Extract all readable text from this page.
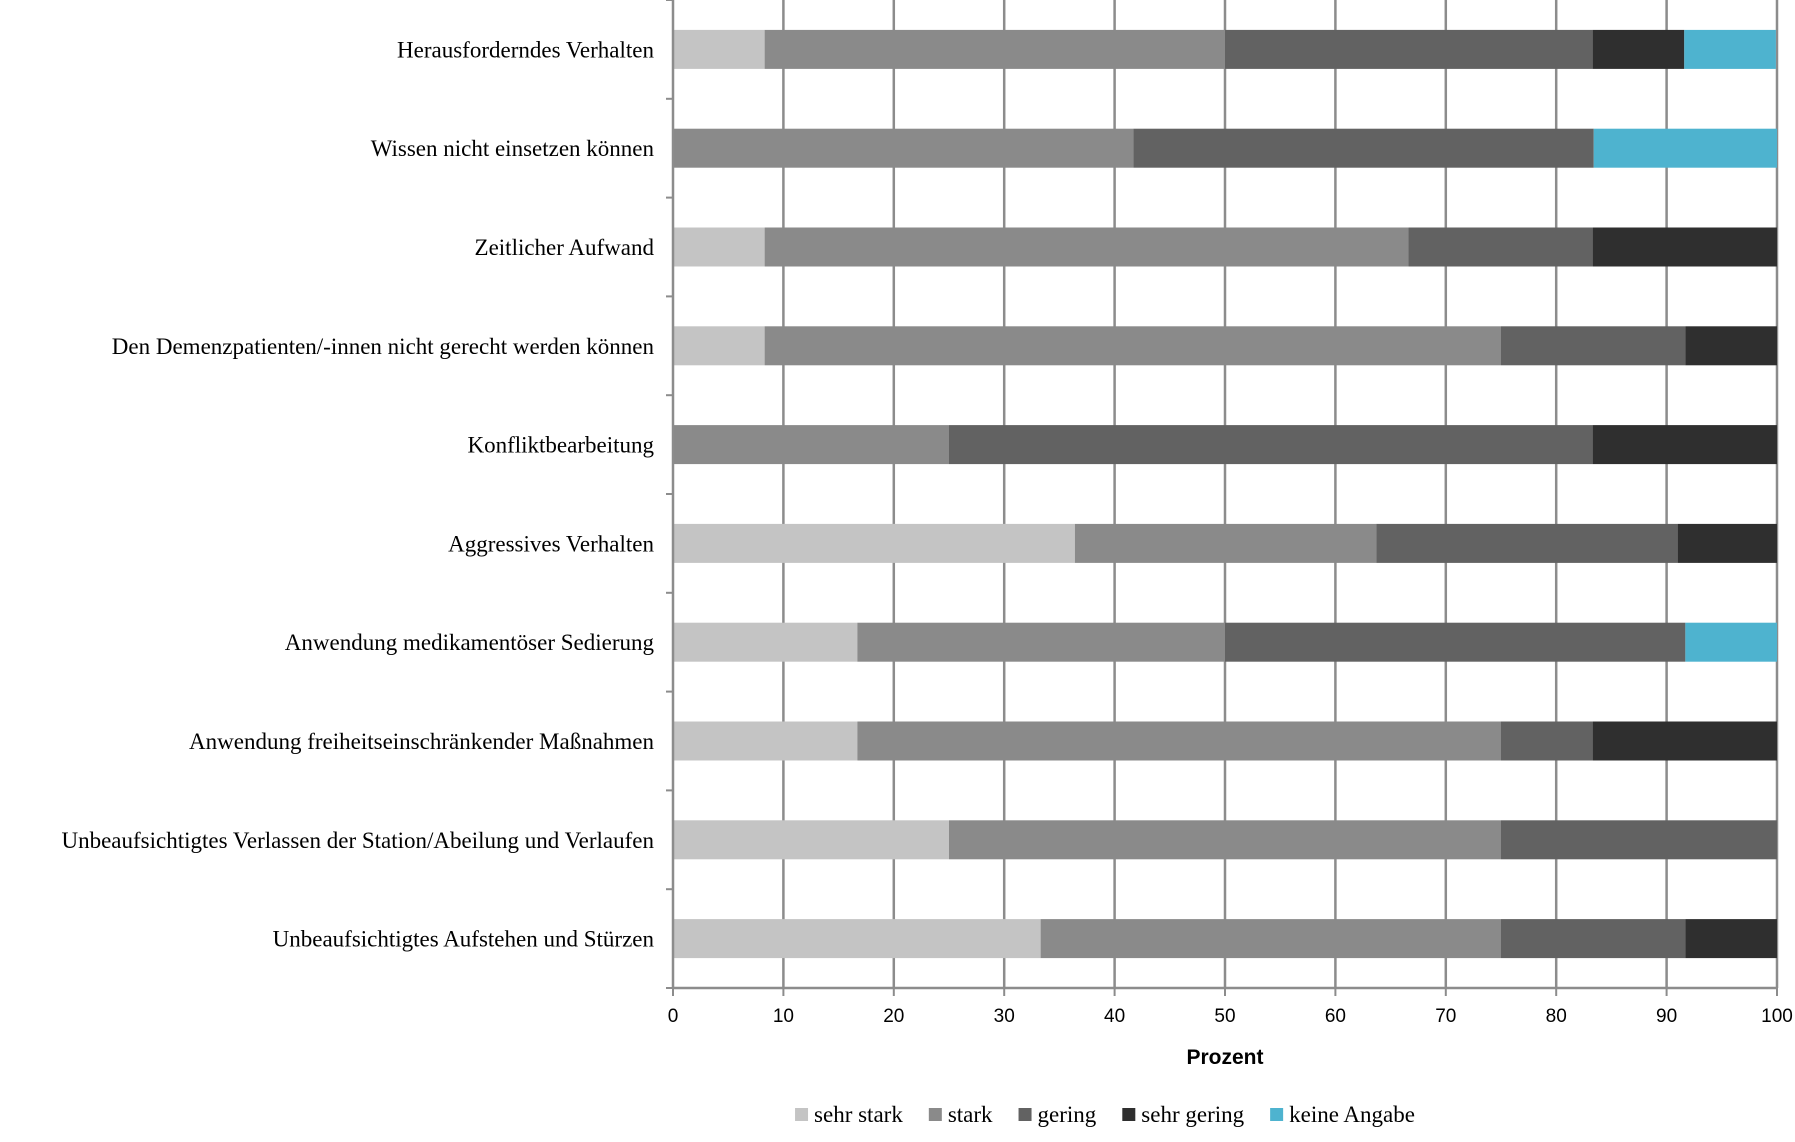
0	10	20	30	40	50	60	70	80	90	100
Herausforderndes Verhalten
Wissen nicht einsetzen können
Zeitlicher Aufwand
Den Demenzpatienten/-innen nicht gerecht werden können
Konfliktbearbeitung
Aggressives Verhalten
Anwendung medikamentöser Sedierung
Anwendung freiheitseinschränkender Maßnahmen
Unbeaufsichtigtes Verlassen der Station/Abeilung und Verlaufen
Unbeaufsichtigtes Aufstehen und Stürzen
Prozent
sehr stark stark gering sehr gering keine Angabe
